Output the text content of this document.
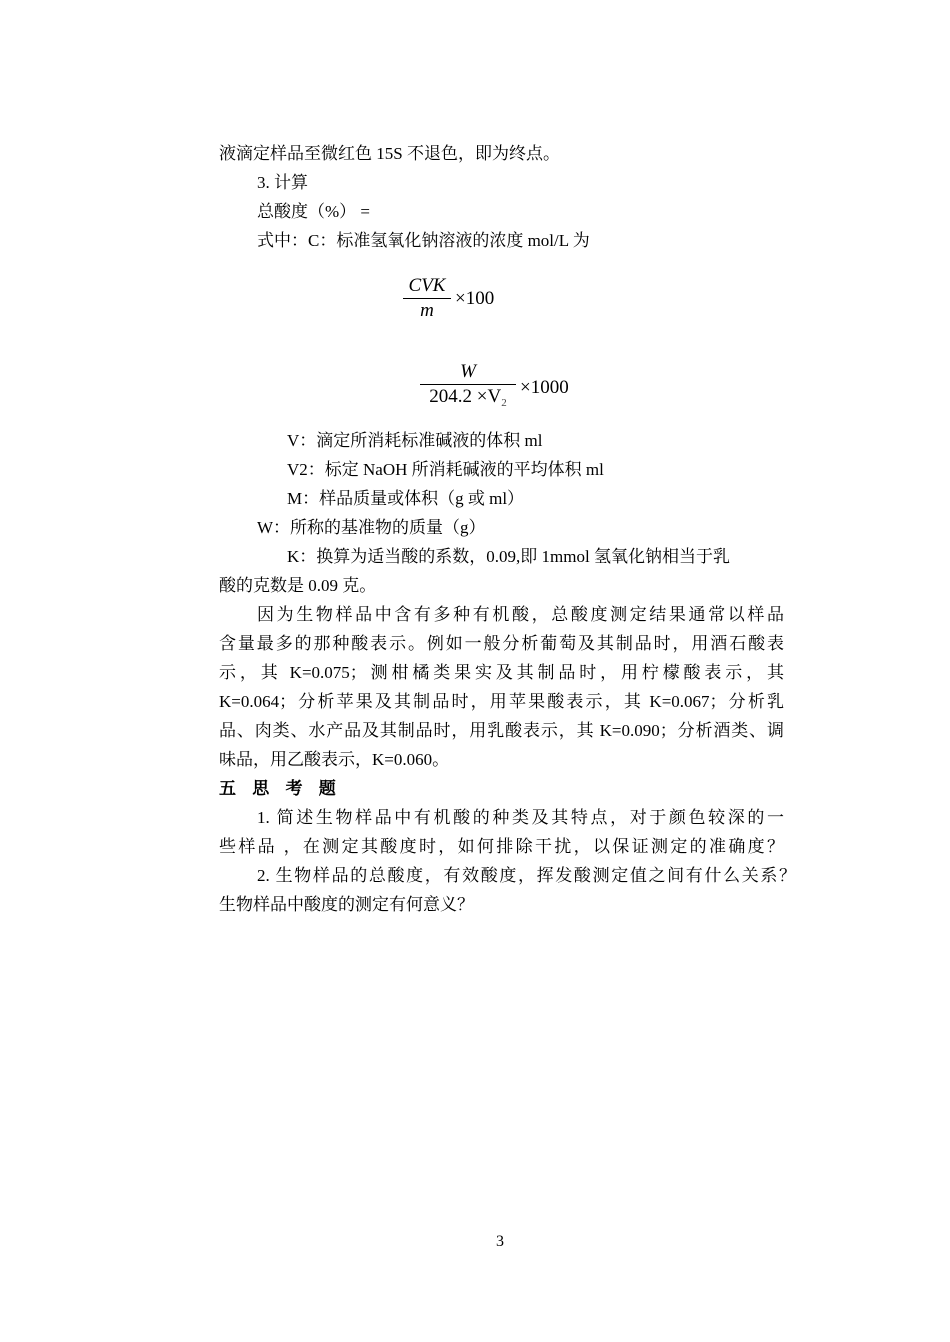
液滴定样品至微红色 15S 不退色，即为终点。
3. 计算
总酸度（%） =
式中：C：标准氢氧化钠溶液的浓度 mol/L 为
$\frac{\text{CVK}}{m} \times 100$
$\frac{W}{204.2 \times V_2} \times 1000$
V：滴定所消耗标准碱液的体积 ml
V2：标定 NaOH 所消耗碱液的平均体积 ml
M：样品质量或体积（g 或 ml）
W：所称的基准物的质量（g）
K：换算为适当酸的系数，0.09,即 1mmol 氢氧化钠相当于乳
酸的克数是 0.09 克。
因为生物样品中含有多种有机酸，总酸度测定结果通常以样品
含量最多的那种酸表示。例如一般分析葡萄及其制品时，用酒石酸表
示，其 K=0.075；测柑橘类果实及其制品时，用柠檬酸表示，其
K=0.064；分析苹果及其制品时，用苹果酸表示，其 K=0.067；分析乳
品、肉类、水产品及其制品时，用乳酸表示，其 K=0.090；分析酒类、调
味品，用乙酸表示，K=0.060。
五 思 考 题
1. 简述生物样品中有机酸的种类及其特点，对于颜色较深的一
些样品 ，在测定其酸度时，如何排除干扰，以保证测定的准确度？
2. 生物样品的总酸度，有效酸度，挥发酸测定值之间有什么关系？
生物样品中酸度的测定有何意义？
3
